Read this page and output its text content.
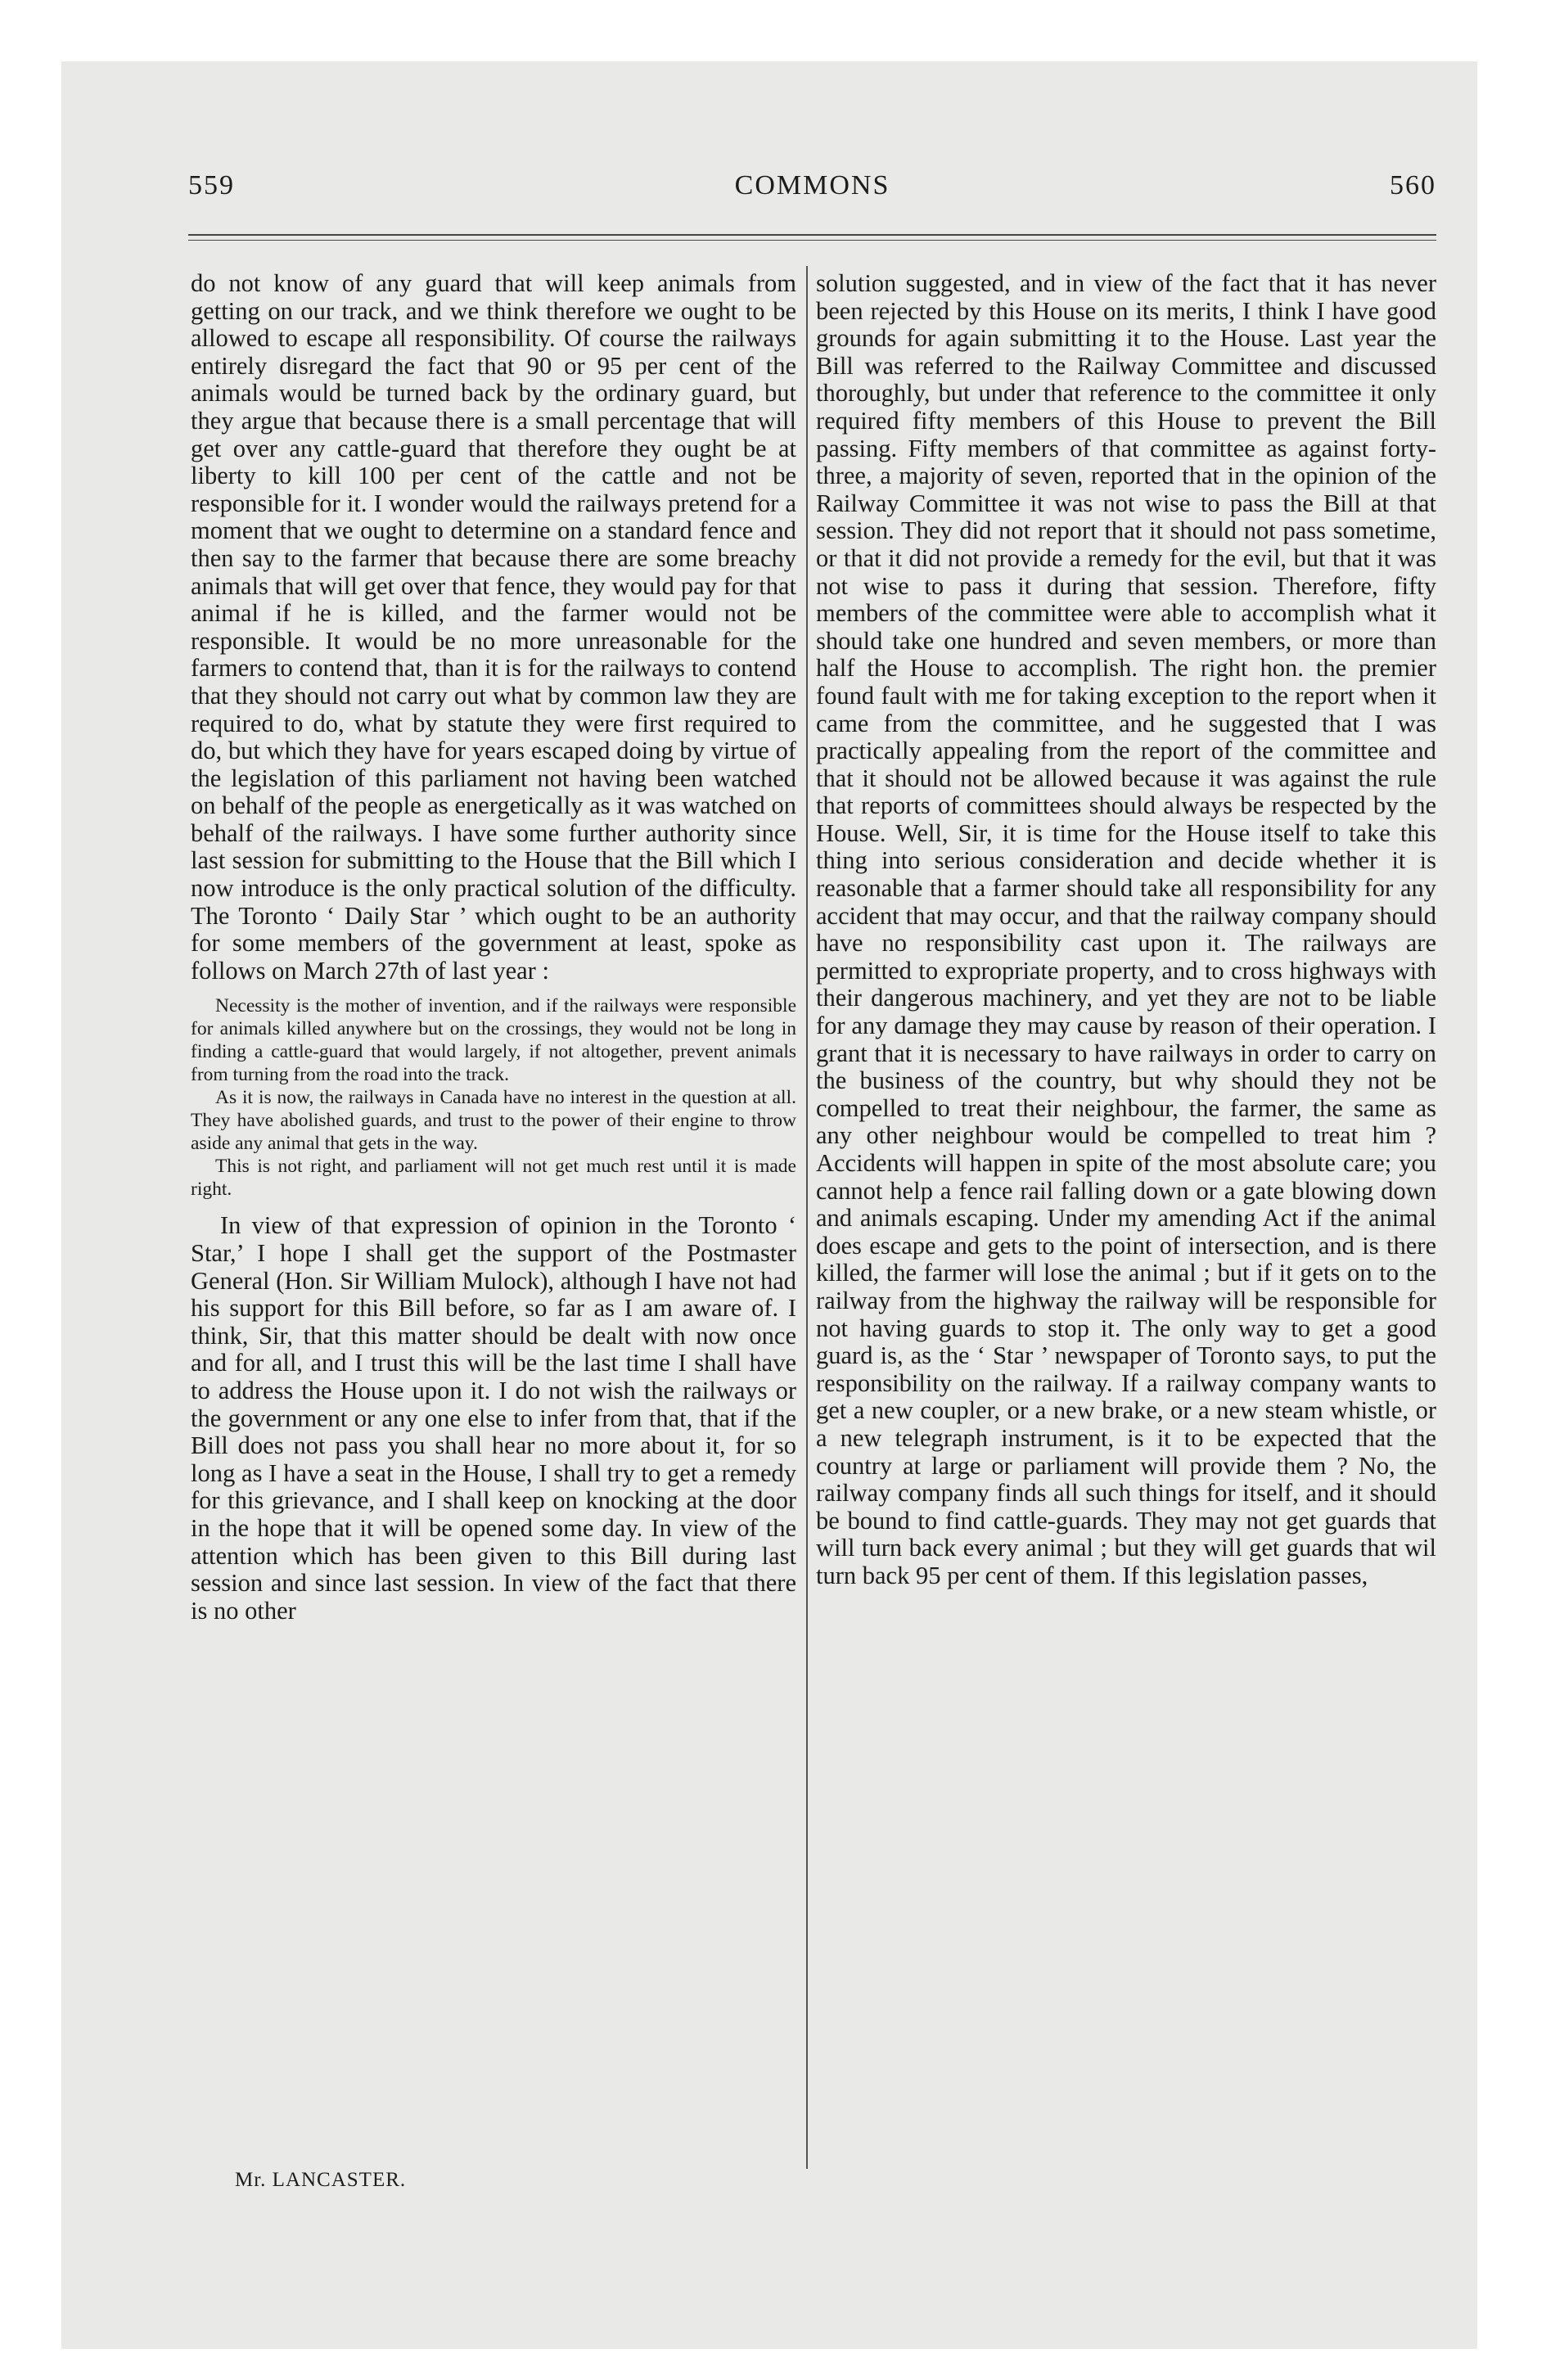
559	COMMONS	560

do not know of any guard that will keep animals from getting on our track, and we think therefore we ought to be allowed to escape all responsibility. Of course the railways entirely disregard the fact that 90 or 95 per cent of the animals would be turned back by the ordinary guard, but they argue that because there is a small percentage that will get over any cattle-guard that therefore they ought be at liberty to kill 100 per cent of the cattle and not be responsible for it. I wonder would the railways pretend for a moment that we ought to determine on a standard fence and then say to the farmer that because there are some breachy animals that will get over that fence, they would pay for that animal if he is killed, and the farmer would not be responsible. It would be no more unreasonable for the farmers to contend that, than it is for the railways to contend that they should not carry out what by common law they are required to do, what by statute they were first required to do, but which they have for years escaped doing by virtue of the legislation of this parliament not having been watched on behalf of the people as energetically as it was watched on behalf of the railways. I have some further authority since last session for submitting to the House that the Bill which I now introduce is the only practical solution of the difficulty. The Toronto ‘ Daily Star ’ which ought to be an authority for some members of the government at least, spoke as follows on March 27th of last year :

Necessity is the mother of invention, and if the railways were responsible for animals killed anywhere but on the crossings, they would not be long in finding a cattle-guard that would largely, if not altogether, prevent animals from turning from the road into the track.

As it is now, the railways in Canada have no interest in the question at all. They have abolished guards, and trust to the power of their engine to throw aside any animal that gets in the way.

This is not right, and parliament will not get much rest until it is made right.

In view of that expression of opinion in the Toronto ‘ Star,’ I hope I shall get the support of the Postmaster General (Hon. Sir William Mulock), although I have not had his support for this Bill before, so far as I am aware of. I think, Sir, that this matter should be dealt with now once and for all, and I trust this will be the last time I shall have to address the House upon it. I do not wish the railways or the government or any one else to infer from that, that if the Bill does not pass you shall hear no more about it, for so long as I have a seat in the House, I shall try to get a remedy for this grievance, and I shall keep on knocking at the door in the hope that it will be opened some day. In view of the attention which has been given to this Bill during last session and since last session. In view of the fact that there is no other

solution suggested, and in view of the fact that it has never been rejected by this House on its merits, I think I have good grounds for again submitting it to the House. Last year the Bill was referred to the Railway Committee and discussed thoroughly, but under that reference to the committee it only required fifty members of this House to prevent the Bill passing. Fifty members of that committee as against forty-three, a majority of seven, reported that in the opinion of the Railway Committee it was not wise to pass the Bill at that session. They did not report that it should not pass sometime, or that it did not provide a remedy for the evil, but that it was not wise to pass it during that session. Therefore, fifty members of the committee were able to accomplish what it should take one hundred and seven members, or more than half the House to accomplish. The right hon. the premier found fault with me for taking exception to the report when it came from the committee, and he suggested that I was practically appealing from the report of the committee and that it should not be allowed because it was against the rule that reports of committees should always be respected by the House. Well, Sir, it is time for the House itself to take this thing into serious consideration and decide whether it is reasonable that a farmer should take all responsibility for any accident that may occur, and that the railway company should have no responsibility cast upon it. The railways are permitted to expropriate property, and to cross highways with their dangerous machinery, and yet they are not to be liable for any damage they may cause by reason of their operation. I grant that it is necessary to have railways in order to carry on the business of the country, but why should they not be compelled to treat their neighbour, the farmer, the same as any other neighbour would be compelled to treat him ? Accidents will happen in spite of the most absolute care; you cannot help a fence rail falling down or a gate blowing down and animals escaping. Under my amending Act if the animal does escape and gets to the point of intersection, and is there killed, the farmer will lose the animal ; but if it gets on to the railway from the highway the railway will be responsible for not having guards to stop it. The only way to get a good guard is, as the ‘ Star ’ newspaper of Toronto says, to put the responsibility on the railway. If a railway company wants to get a new coupler, or a new brake, or a new steam whistle, or a new telegraph instrument, is it to be expected that the country at large or parliament will provide them ? No, the railway company finds all such things for itself, and it should be bound to find cattle-guards. They may not get guards that will turn back every animal ; but they will get guards that wil turn back 95 per cent of them. If this legislation passes,

Mr. LANCASTER.
